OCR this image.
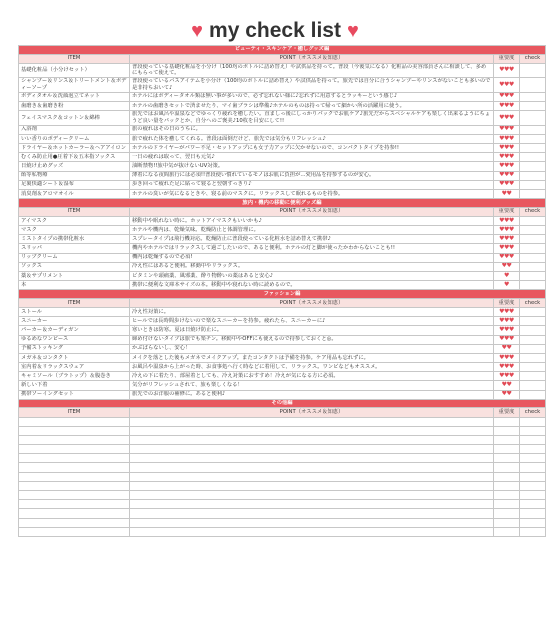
♥ my check list ♥
ビューティ・スキンケア・癒しグッズ編			
ITEM	POINT（オススメ＆知恵）	重要度	check
基礎化粧品（小分けセット）	普段使っている基礎化粧品を小分け（100均のボトルに詰め替え）や試供品を持って。普段（今後気になる）化粧品の美容部員さんに相談して、多めにもらって使えて。	♥♥♥	
シャンプー＆リンス＆トリートメント＆ボディーソープ	普段使っているバスアイテムを小分け（100均のボトルに詰め替え）や試供品を持って。旅先では自分に合うシャンプーやリンスがないことも多いので是非持ちおいて♪	♥♥♥	
ボディタオル＆洗顔泡立てネット	ホテルにはボディータオル類は無い事が多いので、必ず忘れない様に♪忘れずに用意するとラッキーという感じ♪	♥♥♥	
歯磨き＆歯磨き粉	ホテルの歯磨きセットで済ませたり、マイ歯ブラシは準備♪ホテルのものは持って帰って細かい所の活躍用に使う。	♥♥♥	
フェイスマスク＆コットン＆綿棒	旅先ではお風呂や温泉などでゆっくり疲れを癒したい。直ましっ後にしっかりパックでお肌ケア♪旅先だからスペシャルケアも楽しく出来るようにちょうど良い量をパックとか、自分へのご褒美♪10枚を目安にして!!	♥♥♥	
入浴剤	旅の疲れはその日のうちに。	♥♥♥	
いい香りのボディークリーム	旅で疲れた体を癒してくれる。普段は面倒だけど、旅先では気分もリフレッシュ♪	♥♥♥	
ドライヤー＆ホットカーラー＆ヘアアイロン	ホテルのドライヤーがパワー不足・セットアップにも女子力アップに欠かせないので、コンパクトタイプを持参!!	♥♥♥	
むくみ防止用●圧着下＆五本指ソックス	一日の疲れは取って、翌日も元気♪	♥♥♥	
日焼け止めグッズ	油断禁物!!旅中気が抜けないUV対策。	♥♥♥	
飴等私物療	薄着になる夜間旅行には必須!!普段使い慣れているモノはお肌に負担が...愛用品を持参するのが安心。	♥♥♥	
足裏快適シート＆湿布	歩き回って疲れた足に貼って寝ると翌朝すっきり♪	♥♥♥	
消臭剤＆アロマオイル	ホテルの臭いが気になるときや、寝る前のマスクに。リラックスして眠れるものを持参。	♥♥	
旅内・機内の移動に便利グッズ編			
ITEM	POINT（オススメ＆知恵）	重要度	check
アイマスク	移動中や眠れない時に。ホットアイマスクもいいかも♪	♥♥♥	
マスク	ホテルや機内は、乾燥気味。乾燥防止と体調管理に。	♥♥♥	
ミストタイプの携帯化粧水	スプレータイプは飛行機対応。乾燥防止に普段使っている化粧水を詰め替えて携帯♪	♥♥♥	
スリッパ	機内やホテルではリラックスして過ごしたいので、あると便利。ホテルの灯と脚が使ったかわからないことも!!	♥♥♥	
リップクリーム	機内は乾燥するので必須!	♥♥♥	
ソックス	冷え性にはあると便利。移動中やリラックス。	♥♥	
薬＆サプリメント	ビタミンや頭痛薬、風邪薬、酔り物酔いの薬はあると安心♪	♥	
本	携帯に便利な文庫本サイズの本。移動中や寝れない時に読めるので。	♥	
ファッション編			
ITEM	POINT（オススメ＆知恵）	重要度	check
ストール	冷え性対策に。	♥♥♥	
スニーカー	ヒールでは長時間歩けないので楽なスニーカーを持参。疲れたら、スニーカーに♪	♥♥♥	
パーカー＆カーディガン	寒いときは防寒。夏は日焼け防止に。	♥♥♥	
ゆるめなワンピース	締め付けないタイプは旅でも楽チン。移動中やOFFにも使えるので持参しておくと◎。	♥♥♥	
予備ストッキング	かぶばらないし、安心！	♥♥	
メガネ＆コンタクト	メイクを落とした後もメガネでメイクアップ。またコンタクトは予備を持参。ケア用品も忘れずに。	♥♥♥	
室内着＆リラックスウェア	お風呂や温泉から上がった時、お食事処へ行く時などに着用して、リラックス。ワンピなどもオススメ。	♥♥♥	
キャミソール（ブラトップ）＆腹巻き	冷えの下に着たり、部屋着としても、冷え対策におすすめ！冷えが気になる方に必須。	♥♥♥	
新しい下着	気分がリフレッシュされて、旅も楽しくなる！	♥♥	
携帯ソーイングセット	旅先でのお洋服の補修に。あると便利♪	♥♥	
その他編			
ITEM	POINT（オススメ＆知恵）	重要度	check
